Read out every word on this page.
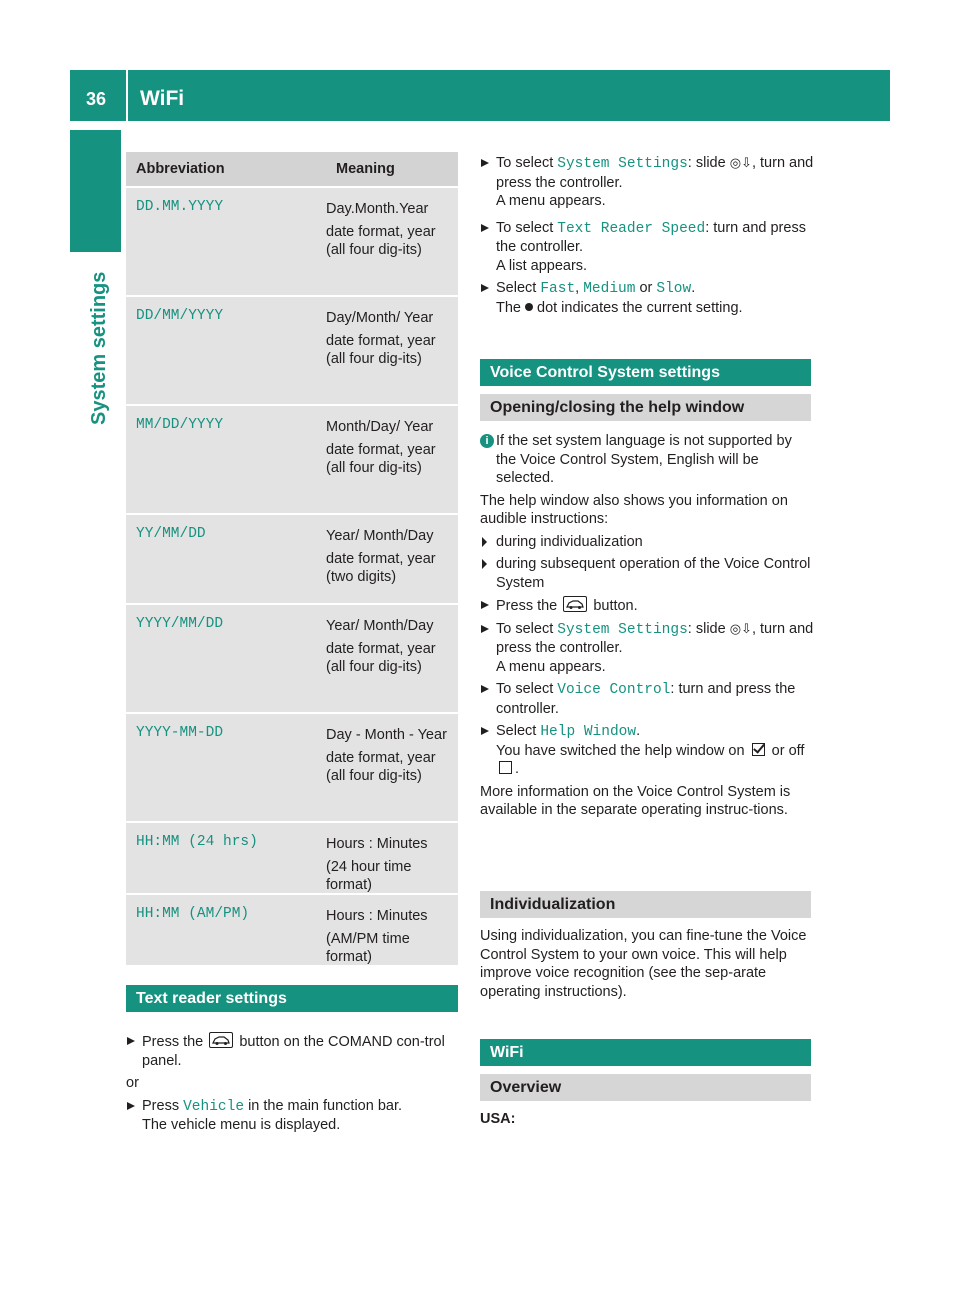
36 WiFi
System settings
Abbreviation	Meaning
DD.MM.YYYY	Day.Month.Year

date format, year (all four dig-its)

DD/MM/YYYY	Day/Month/ Year

date format, year (all four dig-its)

MM/DD/YYYY	Month/Day/ Year

date format, year (all four dig-its)

YY/MM/DD	Year/ Month/Day

date format, year (two digits)

YYYY/MM/DD	Year/ Month/Day

date format, year (all four dig-its)

YYYY-MM-DD	Day - Month - Year

date format, year (all four dig-its)

HH:MM (24 hrs)	Hours : Minutes

(24 hour time format)

HH:MM (AM/PM)	Hours : Minutes

(AM/PM time format)

Text reader settings

Press the button on the COMAND con-trol panel.

or

Press Vehicle in the main function bar.
The vehicle menu is displayed.

To select System Settings: slide ◎⇩, turn and press the controller.
A menu appears.

To select Text Reader Speed: turn and press the controller.
A list appears.

Select Fast, Medium or Slow.
The dot indicates the current setting.

Voice Control System settings
Opening/closing the help window

i If the set system language is not supported by the Voice Control System, English will be selected.

The help window also shows you information on audible instructions:

during individualization

during subsequent operation of the Voice Control System

Press the button.

To select System Settings: slide ◎⇩, turn and press the controller.
A menu appears.

To select Voice Control: turn and press the controller.

Select Help Window.
You have switched the help window on or off .

More information on the Voice Control System is available in the separate operating instruc-tions.

Individualization

Using individualization, you can fine-tune the Voice Control System to your own voice. This will help improve voice recognition (see the sep-arate operating instructions).

WiFi
Overview
USA:
